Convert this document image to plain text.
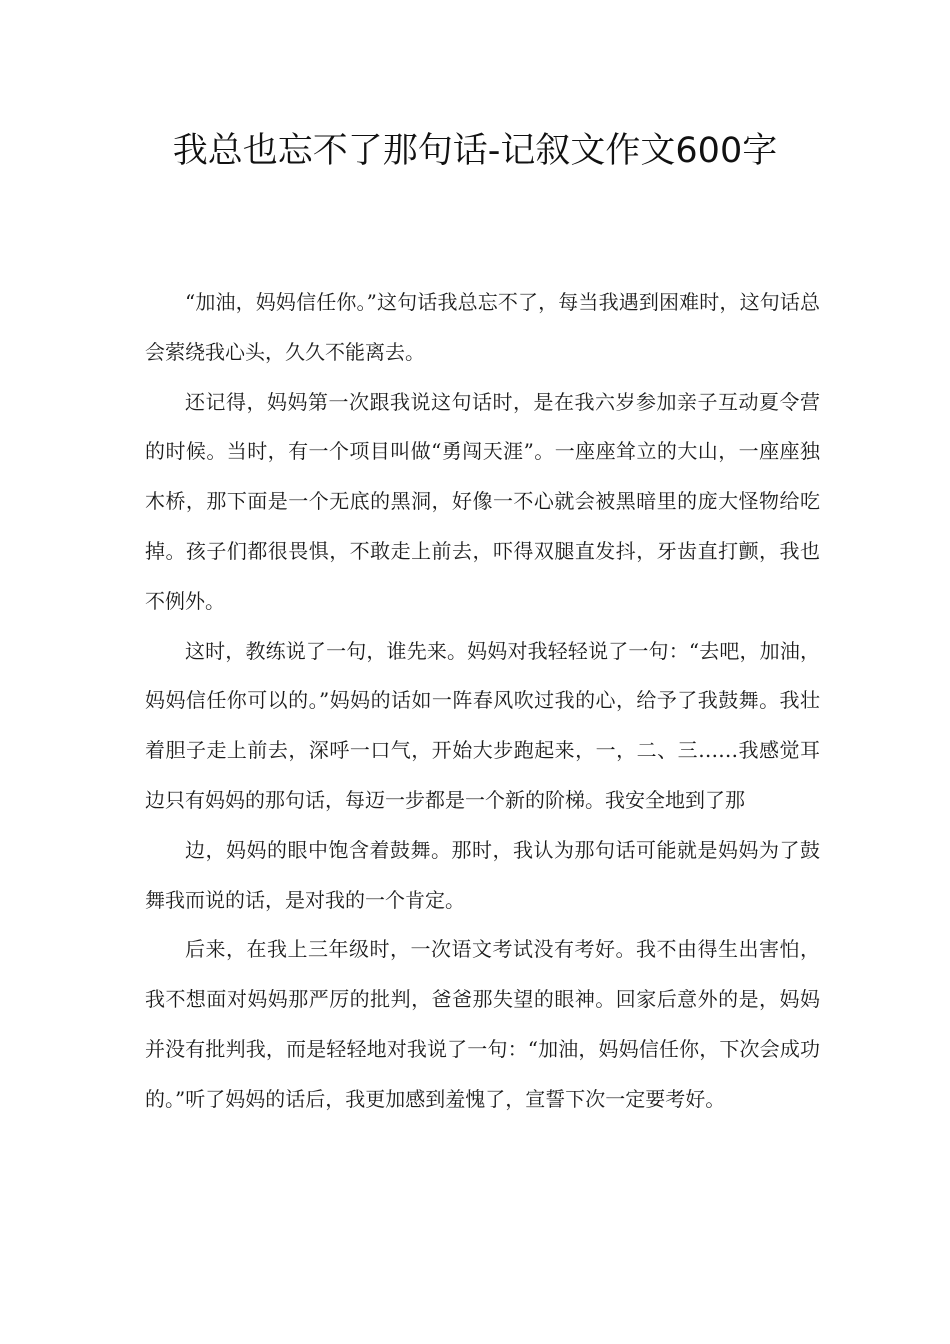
我总也忘不了那句话-记叙文作文600字

“加油，妈妈信任你。”这句话我总忘不了，每当我遇到困难时，这句话总会萦绕我心头，久久不能离去。

还记得，妈妈第一次跟我说这句话时，是在我六岁参加亲子互动夏令营的时候。当时，有一个项目叫做“勇闯天涯”。一座座耸立的大山，一座座独木桥，那下面是一个无底的黑洞，好像一不心就会被黑暗里的庞大怪物给吃掉。孩子们都很畏惧，不敢走上前去，吓得双腿直发抖，牙齿直打颤，我也不例外。

这时，教练说了一句，谁先来。妈妈对我轻轻说了一句：“去吧，加油，妈妈信任你可以的。”妈妈的话如一阵春风吹过我的心，给予了我鼓舞。我壮着胆子走上前去，深呼一口气，开始大步跑起来，一，二、三……我感觉耳边只有妈妈的那句话，每迈一步都是一个新的阶梯。我安全地到了那

边，妈妈的眼中饱含着鼓舞。那时，我认为那句话可能就是妈妈为了鼓舞我而说的话，是对我的一个肯定。

后来，在我上三年级时，一次语文考试没有考好。我不由得生出害怕，我不想面对妈妈那严厉的批判，爸爸那失望的眼神。回家后意外的是，妈妈并没有批判我，而是轻轻地对我说了一句：“加油，妈妈信任你，下次会成功的。”听了妈妈的话后，我更加感到羞愧了，宣誓下次一定要考好。
